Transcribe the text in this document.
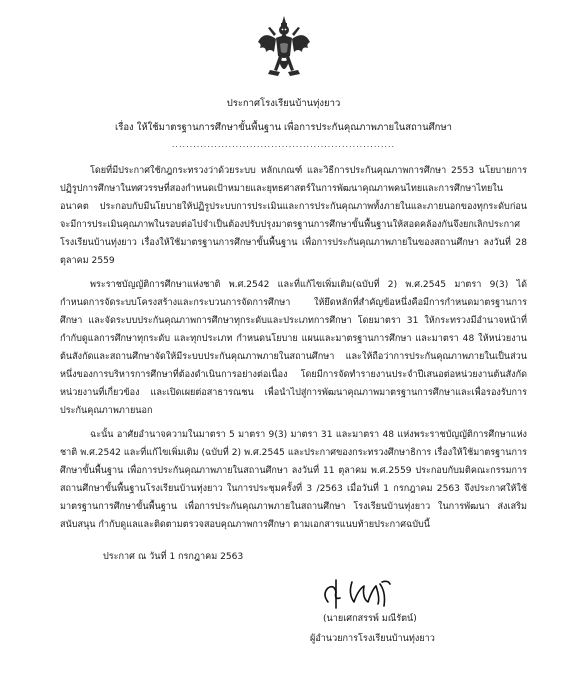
ประกาศโรงเรียนบ้านทุ่งยาว
เรื่อง ให้ใช้มาตรฐานการศึกษาขั้นพื้นฐาน เพื่อการประกันคุณภาพภายในสถานศึกษา
...............................................................

โดยที่มีประกาศใช้กฎกระทรวงว่าด้วยระบบ หลักเกณฑ์ และวิธีการประกันคุณภาพการศึกษา 2553 นโยบายการปฏิรูปการศึกษาในทศวรรษที่สองกำหนดเป้าหมายและยุทธศาสตร์ในการพัฒนาคุณภาพคนไทยและการศึกษาไทยในอนาคต ประกอบกับมีนโยบายให้ปฏิรูประบบการประเมินและการประกันคุณภาพทั้งภายในและภายนอกของทุกระดับก่อนจะมีการประเมินคุณภาพในรอบต่อไปจำเป็นต้องปรับปรุงมาตรฐานการศึกษาขั้นพื้นฐานให้สอดคล้องกันจึงยกเลิกประกาศโรงเรียนบ้านทุ่งยาว เรื่องให้ใช้มาตรฐานการศึกษาขั้นพื้นฐาน เพื่อการประกันคุณภาพภายในของสถานศึกษา ลงวันที่ 28 ตุลาคม 2559

พระราชบัญญัติการศึกษาแห่งชาติ พ.ศ.2542 และที่แก้ไขเพิ่มเติม(ฉบับที่ 2) พ.ศ.2545 มาตรา 9(3) ได้กำหนดการจัดระบบโครงสร้างและกระบวนการจัดการศึกษา ให้ยึดหลักที่สำคัญข้อหนึ่งคือมีการกำหนดมาตรฐานการศึกษา และจัดระบบประกันคุณภาพการศึกษาทุกระดับและประเภทการศึกษา โดยมาตรา 31 ให้กระทรวงมีอำนาจหน้าที่กำกับดูแลการศึกษาทุกระดับ และทุกประเภท กำหนดนโยบาย แผนและมาตรฐานการศึกษา และมาตรา 48 ให้หน่วยงานต้นสังกัดและสถานศึกษาจัดให้มีระบบประกันคุณภาพภายในสถานศึกษา และให้ถือว่าการประกันคุณภาพภายในเป็นส่วนหนึ่งของการบริหารการศึกษาที่ต้องดำเนินการอย่างต่อเนื่อง โดยมีการจัดทำรายงานประจำปีเสนอต่อหน่วยงานต้นสังกัด หน่วยงานที่เกี่ยวข้อง และเปิดเผยต่อสาธารณชน เพื่อนำไปสู่การพัฒนาคุณภาพมาตรฐานการศึกษาและเพื่อรองรับการประกันคุณภาพภายนอก

ฉะนั้น อาศัยอำนาจความในมาตรา 5 มาตรา 9(3) มาตรา 31 และมาตรา 48 แห่งพระราชบัญญัติการศึกษาแห่งชาติ พ.ศ.2542 และที่แก้ไขเพิ่มเติม (ฉบับที่ 2) พ.ศ.2545 และประกาศของกระทรวงศึกษาธิการ เรื่องให้ใช้มาตรฐานการศึกษาขั้นพื้นฐาน เพื่อการประกันคุณภาพภายในสถานศึกษา ลงวันที่ 11 ตุลาคม พ.ศ.2559 ประกอบกับมติคณะกรรมการสถานศึกษาขั้นพื้นฐานโรงเรียนบ้านทุ่งยาว ในการประชุมครั้งที่ 3 /2563 เมื่อวันที่ 1 กรกฎาคม 2563 จึงประกาศให้ใช้มาตรฐานการศึกษาขั้นพื้นฐาน เพื่อการประกันคุณภาพภายในสถานศึกษา โรงเรียนบ้านทุ่งยาว ในการพัฒนา ส่งเสริม สนับสนุน กำกับดูแลและติดตามตรวจสอบคุณภาพการศึกษา ตามเอกสารแนบท้ายประกาศฉบับนี้

ประกาศ ณ วันที่ 1 กรกฎาคม 2563
(นายเศกสรรพ์ มณีรัตน์)
ผู้อำนวยการโรงเรียนบ้านทุ่งยาว
